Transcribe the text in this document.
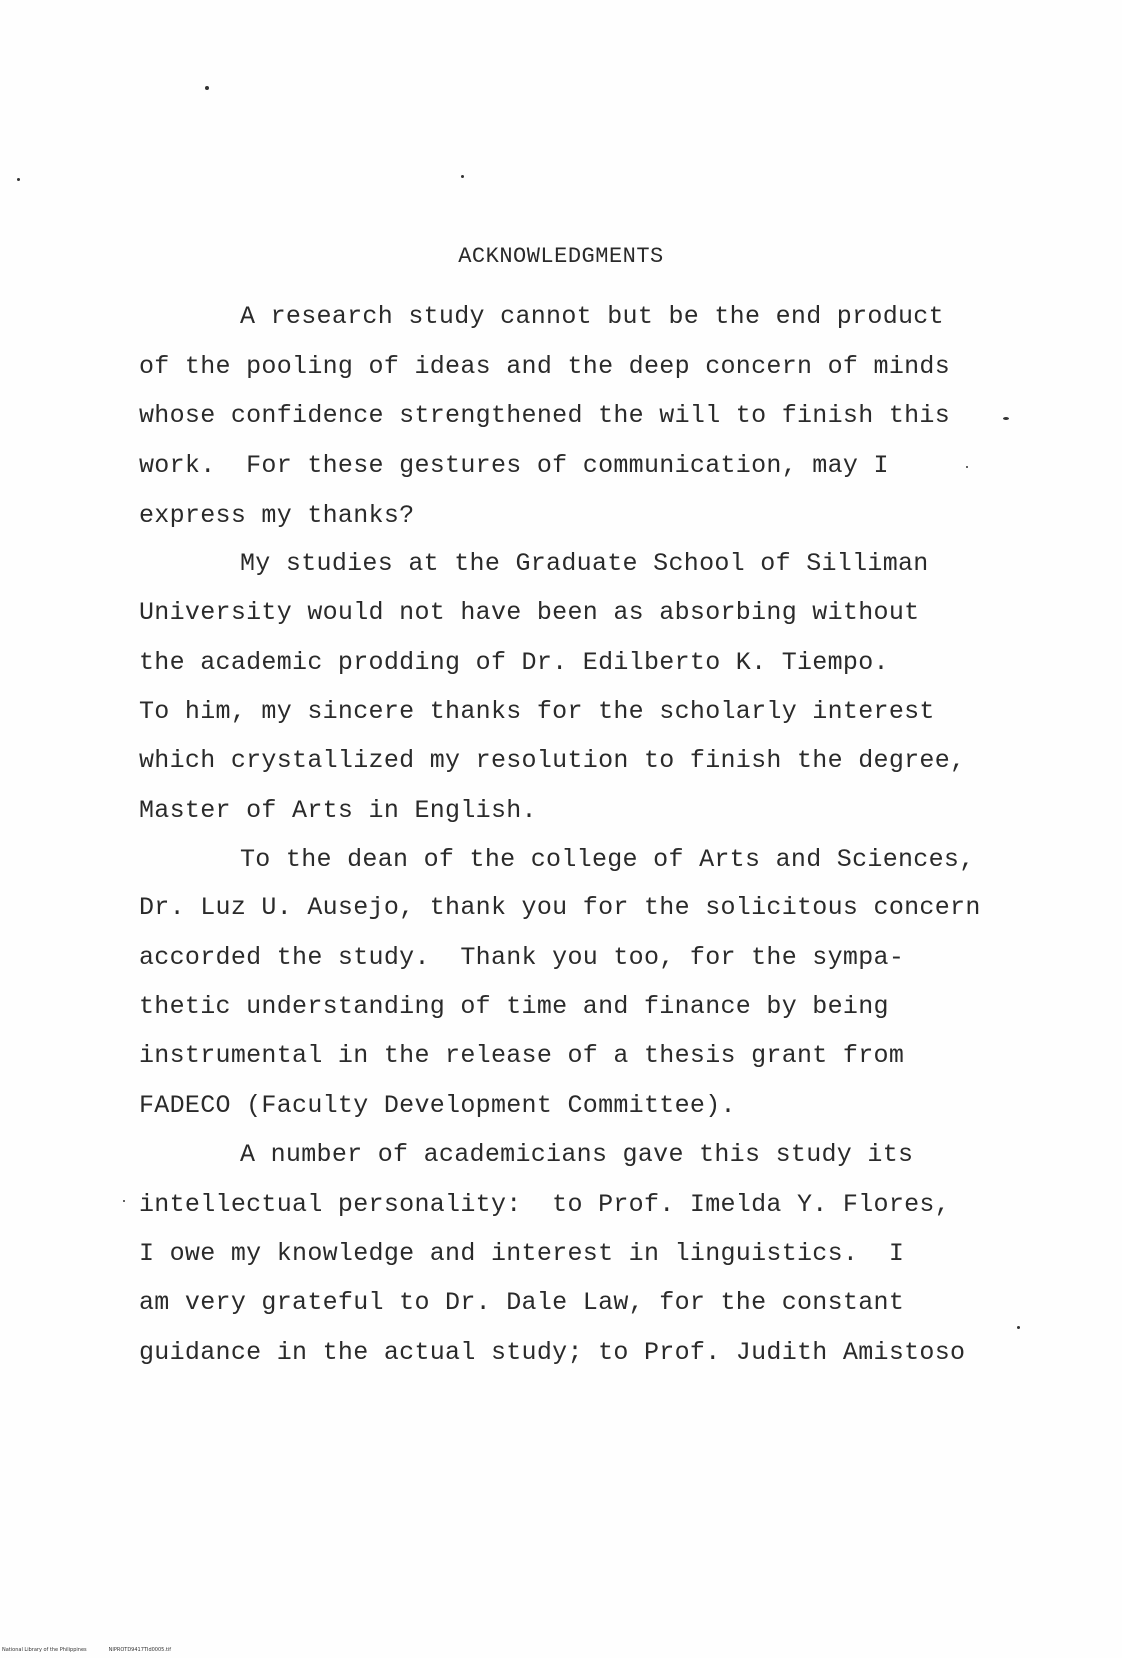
ACKNOWLEDGMENTS
A research study cannot but be the end product
of the pooling of ideas and the deep concern of minds
whose confidence strengthened the will to finish this
work.  For these gestures of communication, may I
express my thanks?
My studies at the Graduate School of Silliman
University would not have been as absorbing without
the academic prodding of Dr. Edilberto K. Tiempo.
To him, my sincere thanks for the scholarly interest
which crystallized my resolution to finish the degree,
Master of Arts in English.
To the dean of the college of Arts and Sciences,
Dr. Luz U. Ausejo, thank you for the solicitous concern
accorded the study.  Thank you too, for the sympa-
thetic understanding of time and finance by being
instrumental in the release of a thesis grant from
FADECO (Faculty Development Committee).
A number of academicians gave this study its
intellectual personality:  to Prof. Imelda Y. Flores,
I owe my knowledge and interest in linguistics.  I
am very grateful to Dr. Dale Law, for the constant
guidance in the actual study; to Prof. Judith Amistoso
National Library of the Philippines	NIPROTD9417TId0005.tif
